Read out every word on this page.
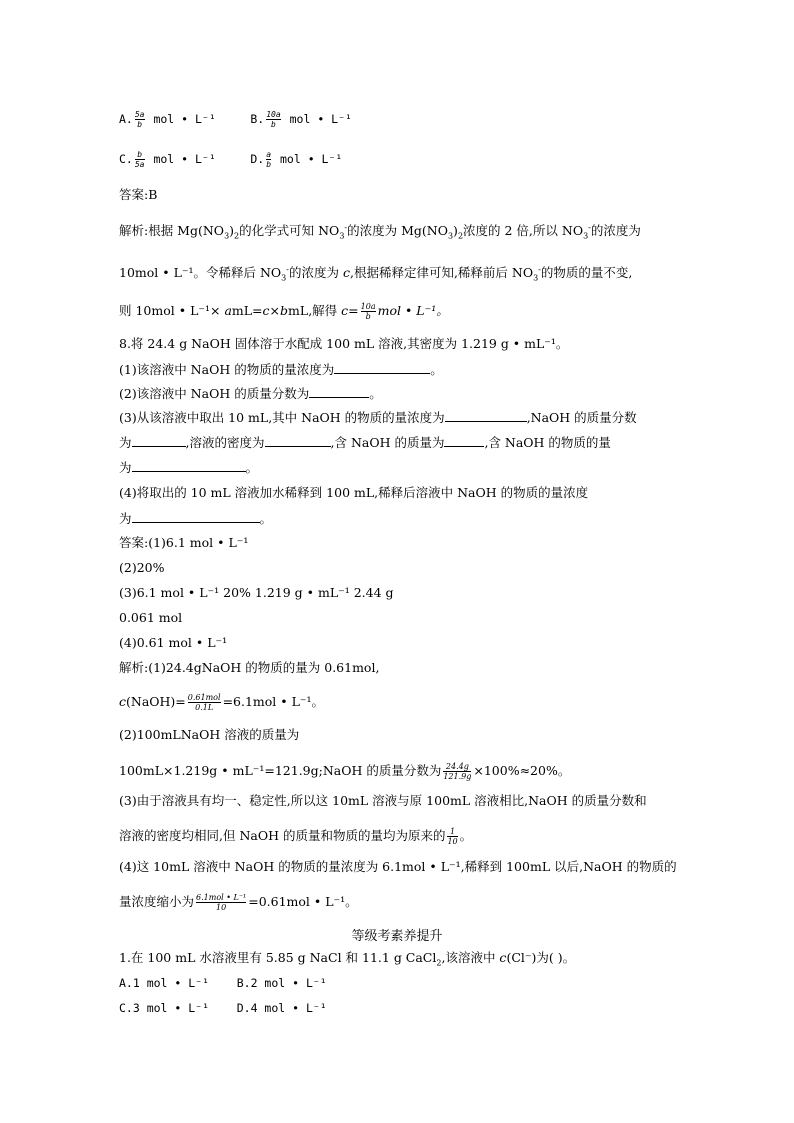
A. $\frac{5a}{b}$ mol • L⁻¹	B. $\frac{10a}{b}$ mol • L⁻¹
C. $\frac{b}{5a}$ mol • L⁻¹	D. $\frac{a}{b}$ mol • L⁻¹
答案:B
解析:根据 $Mg(NO_3)_2$的化学式可知 $NO_3^-$的浓度为 $Mg(NO_3)_2$浓度的 2 倍,所以 $NO_3^-$的浓度为
10mol • L⁻¹。令稀释后 $NO_3^-$的浓度为 c,根据稀释定律可知,稀释前后 $NO_3^-$的物质的量不变,
则 10mol • L⁻¹× amL=c×bmL,解得 $c= \frac{10a}{b}$ mol • L⁻¹。
8.将 24.4 g NaOH 固体溶于水配成 100 mL 溶液,其密度为 1.219 g • mL⁻¹。
(1)该溶液中 NaOH 的物质的量浓度为	。
(2)该溶液中 NaOH 的质量分数为	。
(3)从该溶液中取出 10 mL,其中 NaOH 的物质的量浓度为	,NaOH 的质量分数
为	,溶液的密度为	,含 NaOH 的质量为	,含 NaOH 的物质的量
为	。
(4)将取出的 10 mL 溶液加水稀释到 100 mL,稀释后溶液中 NaOH 的物质的量浓度
为	。
答案:(1)6.1 mol • L⁻¹
(2)20%
(3)6.1 mol • L⁻¹ 20% 1.219 g • mL⁻¹ 2.44 g
0.061 mol
(4)0.61 mol • L⁻¹
解析:(1)24.4gNaOH 的物质的量为 0.61mol,
c(NaOH)= $\frac{\text{0.61mol}}{0.1L} =6.1mol$ • L⁻¹。
(2)100mLNaOH 溶液的质量为
100mL×1.219g • mL⁻¹=121.9g;NaOH 的质量分数为 $\frac{24.4g}{121.9g} \times 100\%\approx 20\%$。
(3)由于溶液具有均一、稳定性,所以这 10mL 溶液与原 100mL 溶液相比,NaOH 的质量分数和
溶液的密度均相同,但 NaOH 的质量和物质的量均为原来的 $\frac{1}{10}$ 。
(4)这 10mL 溶液中 NaOH 的物质的量浓度为 6.1mol • L⁻¹,稀释到 100mL 以后,NaOH 的物质的
量浓度缩小为 $\frac{\text{6.1mol • L⁻¹}}{10} =0.61mol$ • L⁻¹。
等级考素养提升
1.在 100 mL 水溶液里有 5.85 g NaCl 和 11.1 g CaCl$_2$,该溶液中 c(Cl⁻)为( )。
A.1 mol • L⁻¹ B.2 mol • L⁻¹
C.3 mol • L⁻¹ D.4 mol • L⁻¹
